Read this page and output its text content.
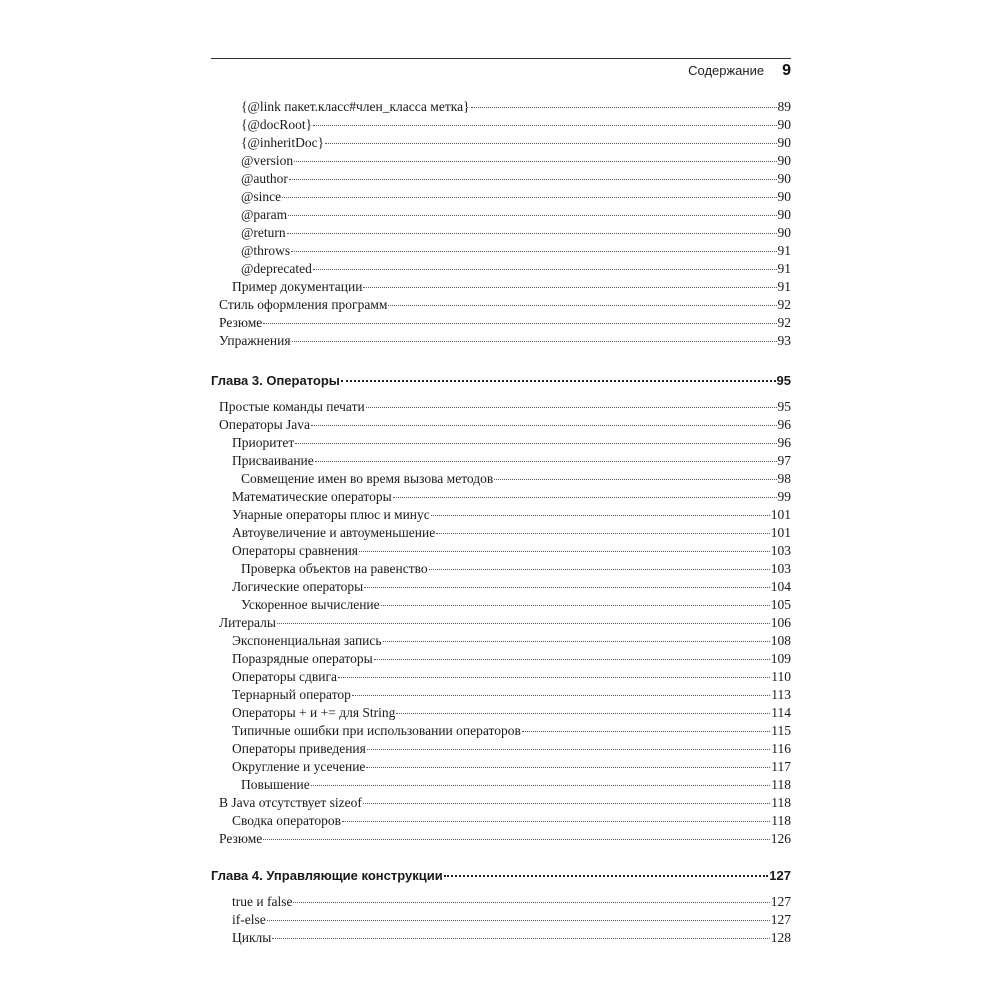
Содержание 9
{@link пакет.класс#член_класса метка}	89
{@docRoot}	90
{@inheritDoc}	90
@version	90
@author	90
@since	90
@param	90
@return	90
@throws	91
@deprecated	91
Пример документации	91
Стиль оформления программ	92
Резюме	92
Упражнения	93
Глава 3. Операторы	95
Простые команды печати	95
Операторы Java	96
Приоритет	96
Присваивание	97
Совмещение имен во время вызова методов	98
Математические операторы	99
Унарные операторы плюс и минус	101
Автоувеличение и автоуменьшение	101
Операторы сравнения	103
Проверка объектов на равенство	103
Логические операторы	104
Ускоренное вычисление	105
Литералы	106
Экспоненциальная запись	108
Поразрядные операторы	109
Операторы сдвига	110
Тернарный оператор	113
Операторы + и += для String	114
Типичные ошибки при использовании операторов	115
Операторы приведения	116
Округление и усечение	117
Повышение	118
В Java отсутствует sizeof	118
Сводка операторов	118
Резюме	126
Глава 4. Управляющие конструкции	127
true и false	127
if-else	127
Циклы	128
